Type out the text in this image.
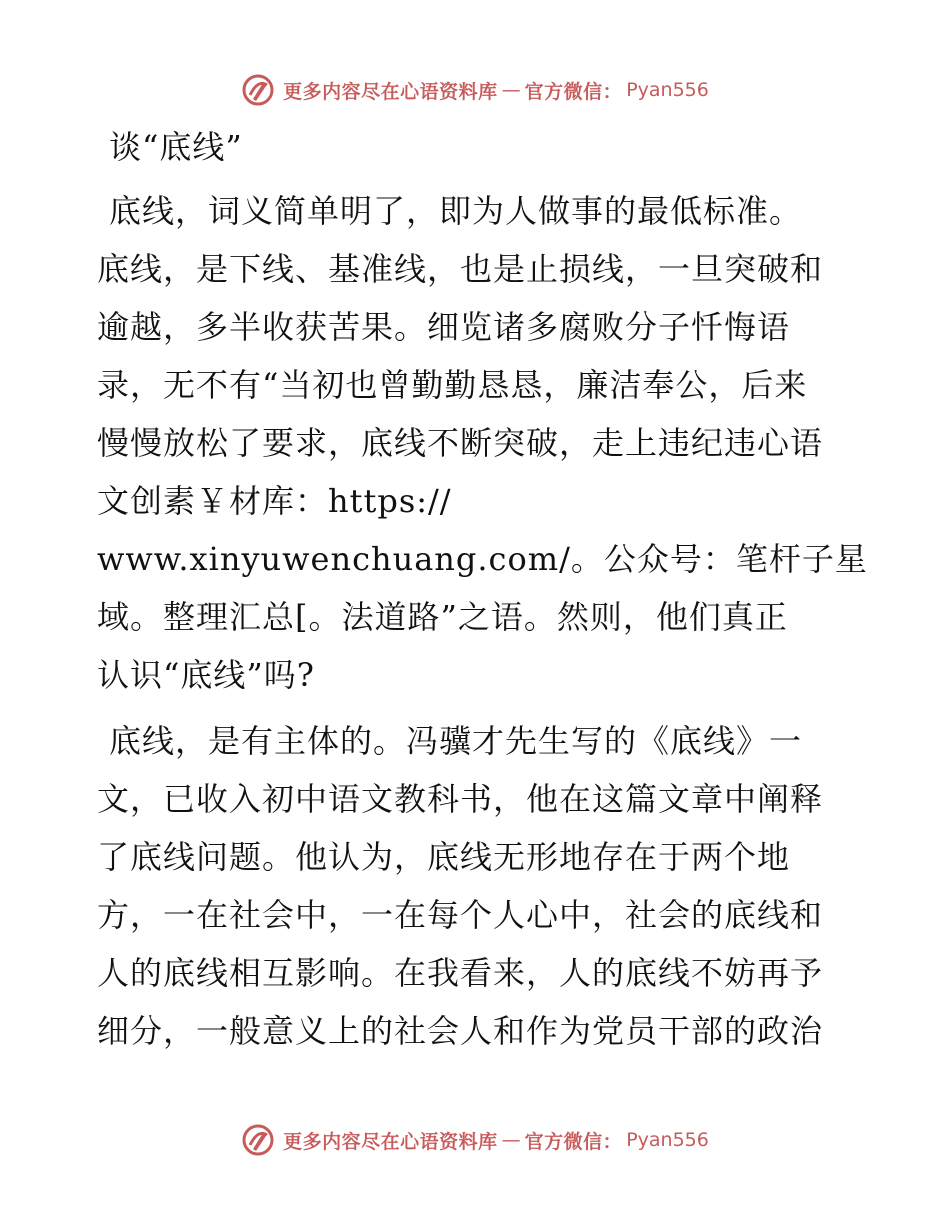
更多内容尽在心语资料库 — 官方微信： Pyan556
谈“底线”
底线，词义简单明了，即为人做事的最低标准。
底线，是下线、基准线，也是止损线，一旦突破和
逾越，多半收获苦果。细览诸多腐败分子忏悔语
录，无不有“当初也曾勤勤恳恳，廉洁奉公，后来
慢慢放松了要求，底线不断突破，走上违纪违心语
文创素￥材库：https://
www.xinyuwenchuang.com/。公众号：笔杆子星
域。整理汇总[。法道路”之语。然则，他们真正
认识“底线”吗?
底线，是有主体的。冯骥才先生写的《底线》一
文，已收入初中语文教科书，他在这篇文章中阐释
了底线问题。他认为，底线无形地存在于两个地
方，一在社会中，一在每个人心中，社会的底线和
人的底线相互影响。在我看来，人的底线不妨再予
细分，一般意义上的社会人和作为党员干部的政治
更多内容尽在心语资料库 — 官方微信： Pyan556
